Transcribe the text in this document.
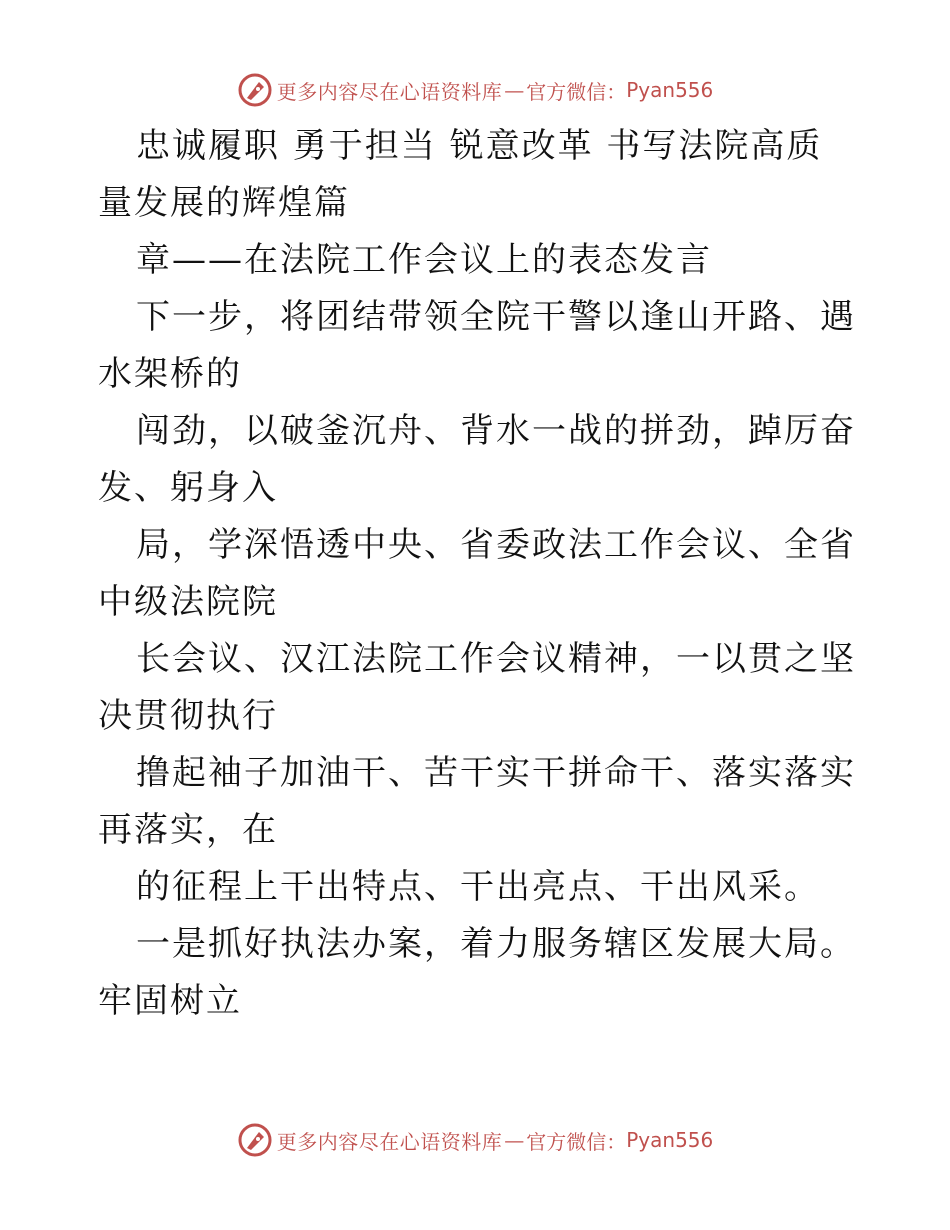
更多内容尽在心语资料库 — 官方微信： Pyan556

忠诚履职 勇于担当 锐意改革 书写法院高质量发展的辉煌篇

章——在法院工作会议上的表态发言

下一步，将团结带领全院干警以逢山开路、遇水架桥的

闯劲，以破釜沉舟、背水一战的拼劲，踔厉奋发、躬身入

局，学深悟透中央、省委政法工作会议、全省中级法院院

长会议、汉江法院工作会议精神，一以贯之坚决贯彻执行

撸起袖子加油干、苦干实干拼命干、落实落实再落实，在

的征程上干出特点、干出亮点、干出风采。

一是抓好执法办案，着力服务辖区发展大局。牢固树立

更多内容尽在心语资料库 — 官方微信： Pyan556
